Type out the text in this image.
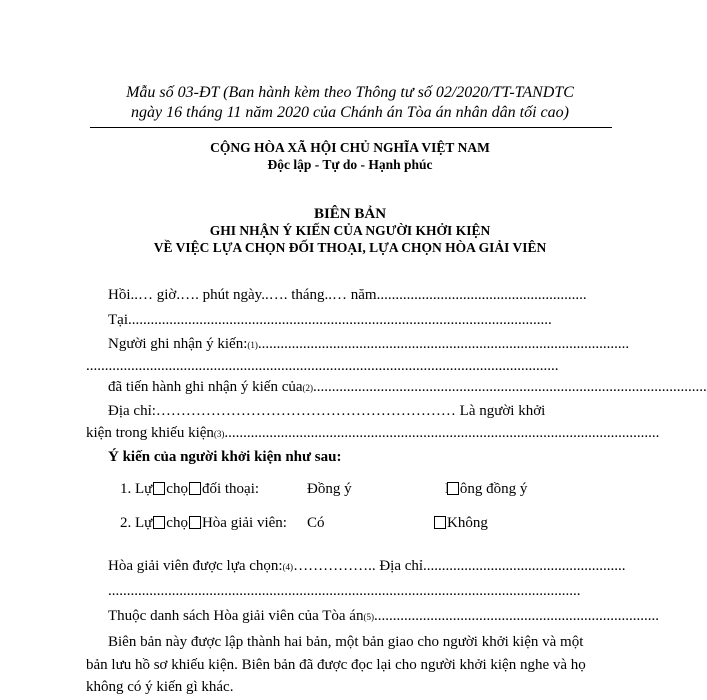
Mẫu số 03-ĐT (Ban hành kèm theo Thông tư số 02/2020/TT-TANDTC
ngày 16 tháng 11 năm 2020 của Chánh án Tòa án nhân dân tối cao)
CỘNG HÒA XÃ HỘI CHỦ NGHĨA VIỆT NAM
Độc lập - Tự do - Hạnh phúc
BIÊN BẢN
GHI NHẬN Ý KIẾN CỦA NGƯỜI KHỞI KIỆN
VỀ VIỆC LỰA CHỌN ĐỐI THOẠI, LỰA CHỌN HÒA GIẢI VIÊN
Hồi..… giờ.…. phút ngày..…. tháng..… năm........................................................
Tại.................................................................................................................
Người ghi nhận ý kiến: (1) ...................................................................................................
..............................................................................................................................
đã tiến hành ghi nhận ý kiến của (2) .........................................................................................................
Địa chỉ:…………………………………………………… Là người khởi
kiện trong khiếu kiện (3) ....................................................................................................................
Ý kiến của người khởi kiện như sau:
1. Lự chọ đối thoại:	Đồng ý	ông đồng ý
2. Lự chọ Hòa giải viên: Có	Không
Hòa giải viên được lựa chọn: (4) …………….. Địa chỉ ......................................................
..............................................................................................................................
Thuộc danh sách Hòa giải viên của Tòa án (5) ............................................................................
Biên bản này được lập thành hai bản, một bản giao cho người khởi kiện và một
bản lưu hồ sơ khiếu kiện. Biên bản đã được đọc lại cho người khởi kiện nghe và họ
không có ý kiến gì khác.
